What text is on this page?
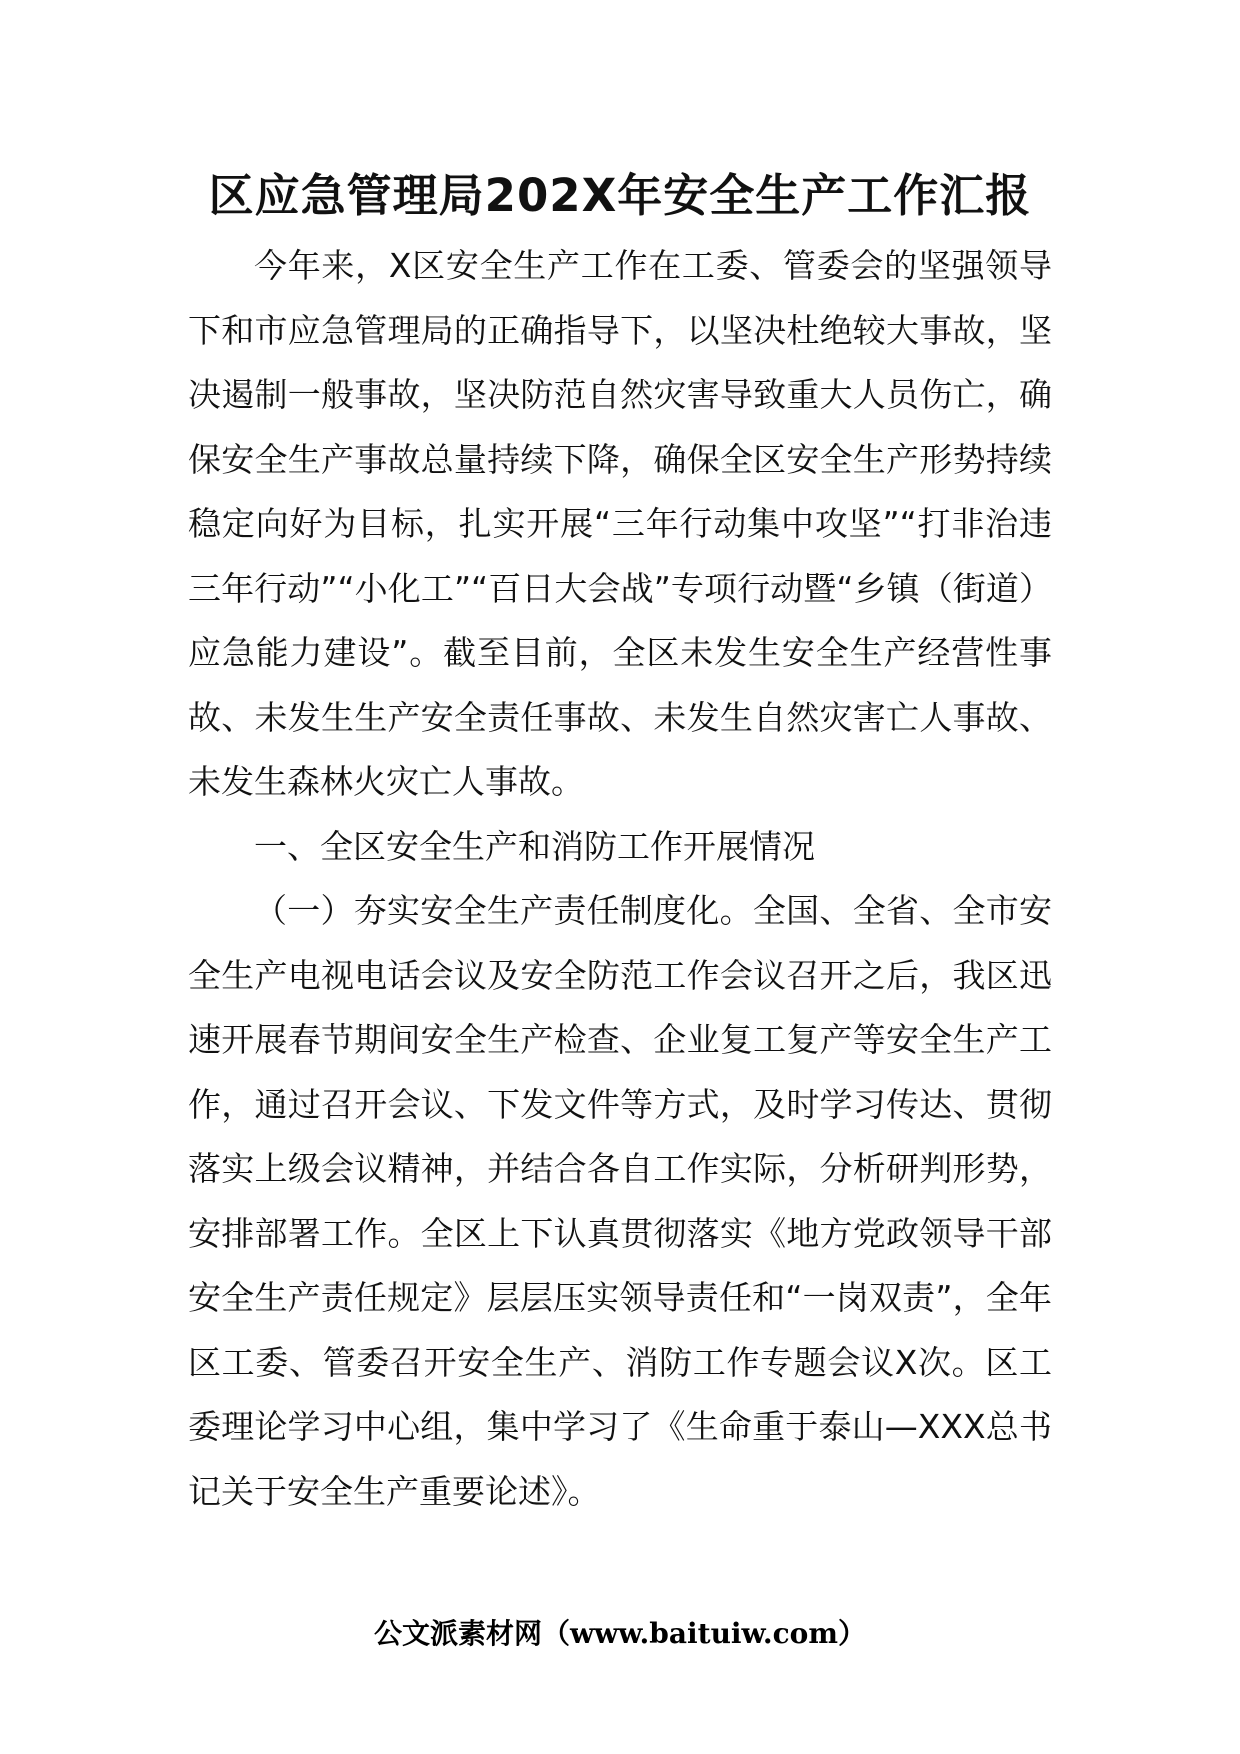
区应急管理局202X年安全生产工作汇报

今年来，X区安全生产工作在工委、管委会的坚强领导下和市应急管理局的正确指导下，以坚决杜绝较大事故，坚决遏制一般事故，坚决防范自然灾害导致重大人员伤亡，确保安全生产事故总量持续下降，确保全区安全生产形势持续稳定向好为目标，扎实开展“三年行动集中攻坚”“打非治违三年行动”“小化工”“百日大会战”专项行动暨“乡镇（街道）应急能力建设”。截至目前，全区未发生安全生产经营性事故、未发生生产安全责任事故、未发生自然灾害亡人事故、未发生森林火灾亡人事故。

一、全区安全生产和消防工作开展情况

（一）夯实安全生产责任制度化。全国、全省、全市安全生产电视电话会议及安全防范工作会议召开之后，我区迅速开展春节期间安全生产检查、企业复工复产等安全生产工作，通过召开会议、下发文件等方式，及时学习传达、贯彻落实上级会议精神，并结合各自工作实际，分析研判形势，安排部署工作。全区上下认真贯彻落实《地方党政领导干部安全生产责任规定》层层压实领导责任和“一岗双责”，全年区工委、管委召开安全生产、消防工作专题会议X次。区工委理论学习中心组，集中学习了《生命重于泰山—XXX总书记关于安全生产重要论述》。

公文派素材网（www.baituiw.com）
